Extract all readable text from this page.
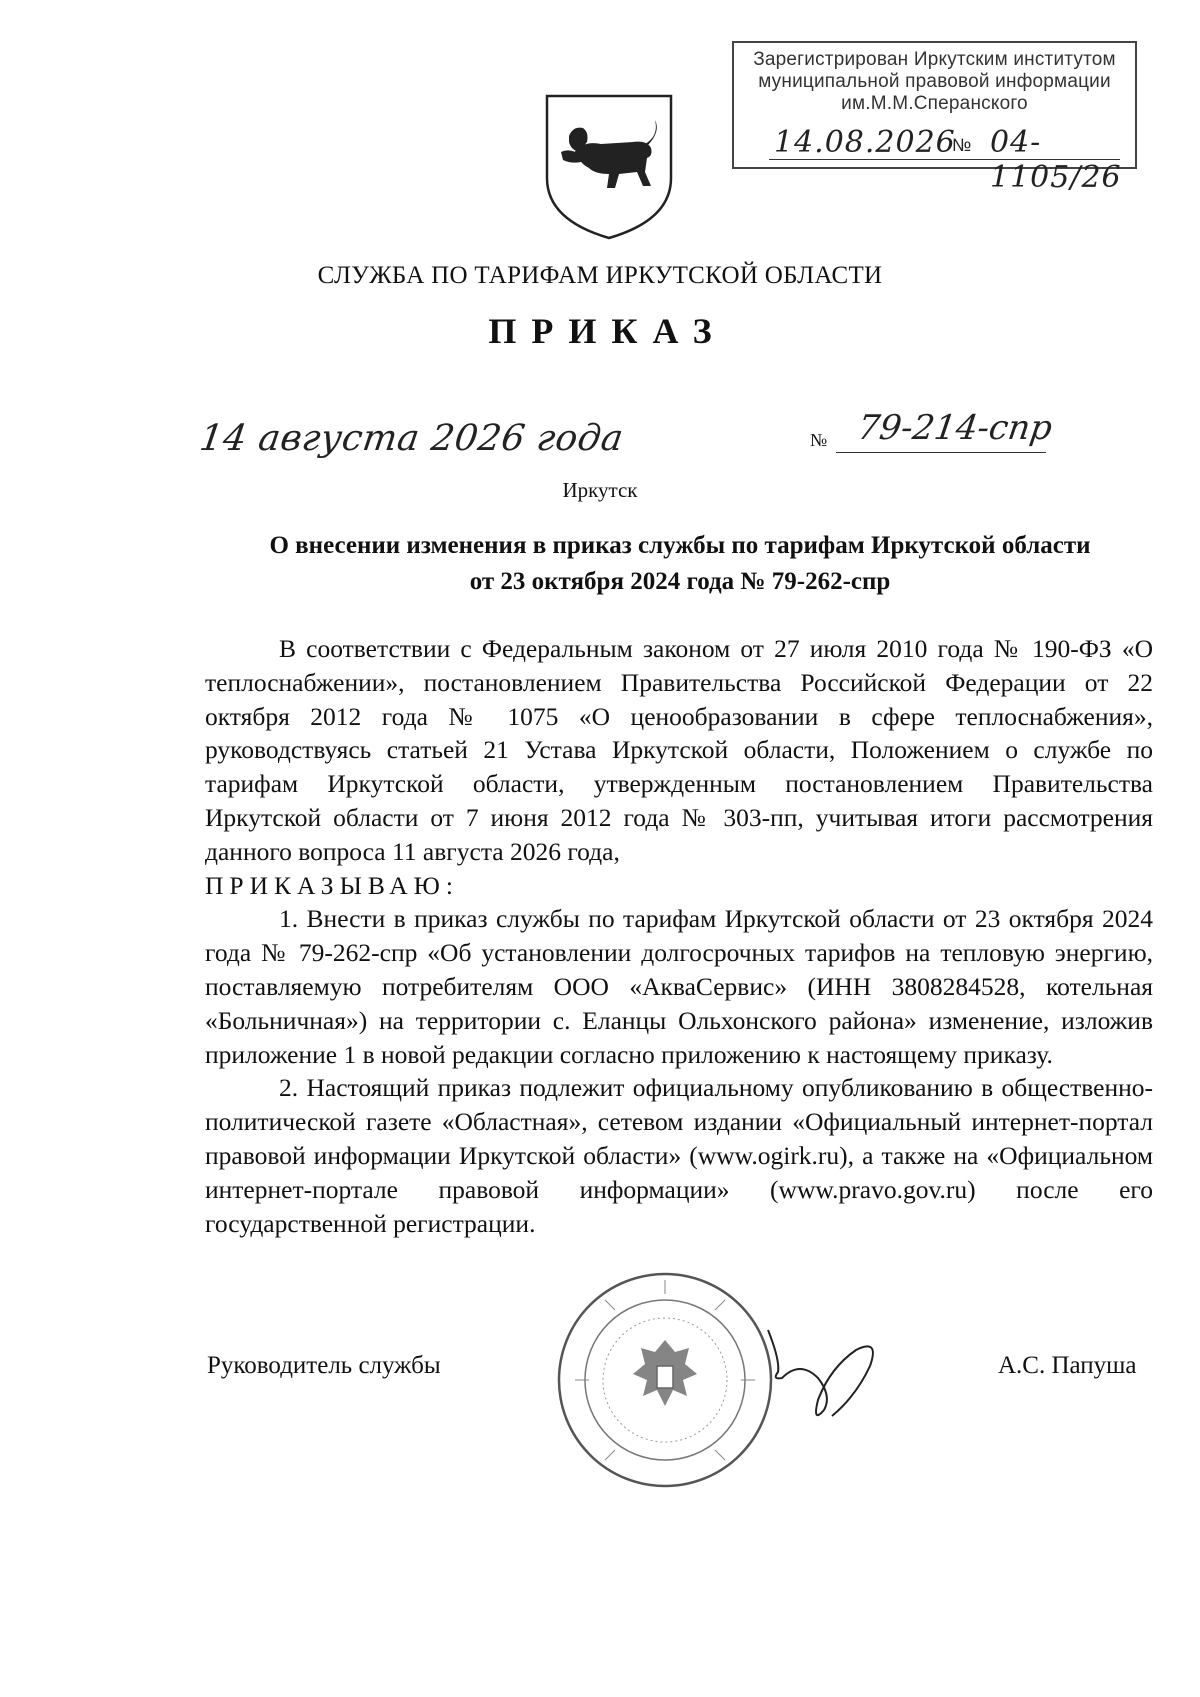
Зарегистрирован Иркутским институтом
муниципальной правовой информации
им.М.М.Сперанского
14.08.2026
№ 04-1105/26
СЛУЖБА ПО ТАРИФАМ ИРКУТСКОЙ ОБЛАСТИ
ПРИКАЗ
14 августа 2026 года	№ 79-214-спр
Иркутск
О внесении изменения в приказ службы по тарифам Иркутской области
от 23 октября 2024 года № 79-262-спр

В соответствии с Федеральным законом от 27 июля 2010 года № 190-ФЗ «О теплоснабжении», постановлением Правительства Российской Федерации от 22 октября 2012 года № 1075 «О ценообразовании в сфере теплоснабжения», руководствуясь статьей 21 Устава Иркутской области, Положением о службе по тарифам Иркутской области, утвержденным постановлением Правительства Иркутской области от 7 июня 2012 года № 303-пп, учитывая итоги рассмотрения данного вопроса 11 августа 2026 года,

ПРИКАЗЫВАЮ:

1. Внести в приказ службы по тарифам Иркутской области от 23 октября 2024 года № 79-262-спр «Об установлении долгосрочных тарифов на тепловую энергию, поставляемую потребителям ООО «АкваСервис» (ИНН 3808284528, котельная «Больничная») на территории с. Еланцы Ольхонского района» изменение, изложив приложение 1 в новой редакции согласно приложению к настоящему приказу.

2. Настоящий приказ подлежит официальному опубликованию в общественно-политической газете «Областная», сетевом издании «Официальный интернет-портал правовой информации Иркутской области» (www.ogirk.ru), а также на «Официальном интернет-портале правовой информации» (www.pravo.gov.ru) после его государственной регистрации.

Руководитель службы	А.С. Папуша
